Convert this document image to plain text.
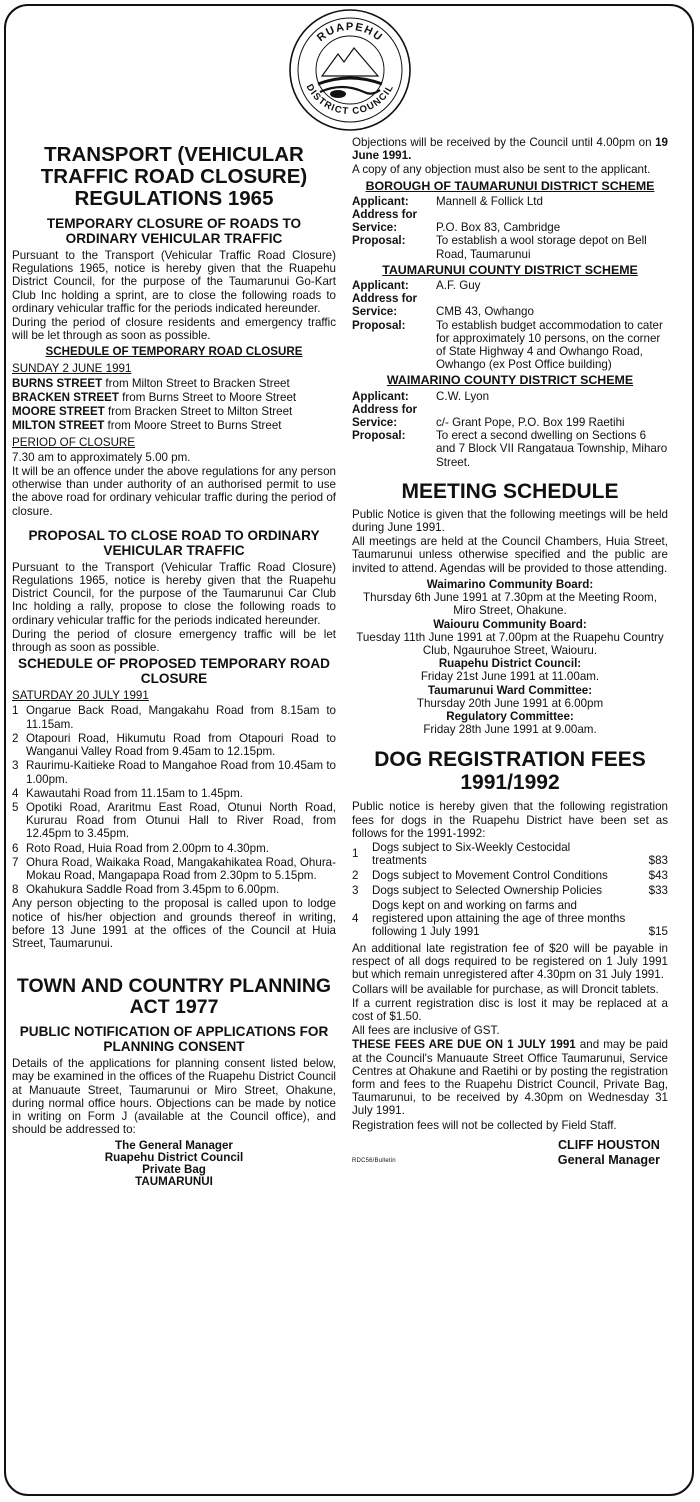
RUAPEHU
DISTRICT COUNCIL
TRANSPORT (VEHICULAR TRAFFIC ROAD CLOSURE) REGULATIONS 1965
TEMPORARY CLOSURE OF ROADS TO ORDINARY VEHICULAR TRAFFIC

Pursuant to the Transport (Vehicular Traffic Road Closure) Regulations 1965, notice is hereby given that the Ruapehu District Council, for the purpose of the Taumarunui Go-Kart Club Inc holding a sprint, are to close the following roads to ordinary vehicular traffic for the periods indicated hereunder.

During the period of closure residents and emergency traffic will be let through as soon as possible.

SCHEDULE OF TEMPORARY ROAD CLOSURE
SUNDAY 2 JUNE 1991

BURNS STREET from Milton Street to Bracken Street

BRACKEN STREET from Burns Street to Moore Street

MOORE STREET from Bracken Street to Milton Street

MILTON STREET from Moore Street to Burns Street

PERIOD OF CLOSURE

7.30 am to approximately 5.00 pm.

It will be an offence under the above regulations for any person otherwise than under authority of an authorised permit to use the above road for ordinary vehicular traffic during the period of closure.

PROPOSAL TO CLOSE ROAD TO ORDINARY VEHICULAR TRAFFIC

Pursuant to the Transport (Vehicular Traffic Road Closure) Regulations 1965, notice is hereby given that the Ruapehu District Council, for the purpose of the Taumarunui Car Club Inc holding a rally, propose to close the following roads to ordinary vehicular traffic for the periods indicated hereunder.

During the period of closure emergency traffic will be let through as soon as possible.

SCHEDULE OF PROPOSED TEMPORARY ROAD CLOSURE
SATURDAY 20 JULY 1991
1 Ongarue Back Road, Mangakahu Road from 8.15am to 11.15am.
2 Otapouri Road, Hikumutu Road from Otapouri Road to Wanganui Valley Road from 9.45am to 12.15pm.
3 Raurimu-Kaitieke Road to Mangahoe Road from 10.45am to 1.00pm.
4 Kawautahi Road from 11.15am to 1.45pm.
5 Opotiki Road, Araritmu East Road, Otunui North Road, Kururau Road from Otunui Hall to River Road, from 12.45pm to 3.45pm.
6 Roto Road, Huia Road from 2.00pm to 4.30pm.
7 Ohura Road, Waikaka Road, Mangakahikatea Road, Ohura-Mokau Road, Mangapapa Road from 2.30pm to 5.15pm.
8 Okahukura Saddle Road from 3.45pm to 6.00pm.

Any person objecting to the proposal is called upon to lodge notice of his/her objection and grounds thereof in writing, before 13 June 1991 at the offices of the Council at Huia Street, Taumarunui.

TOWN AND COUNTRY PLANNING ACT 1977
PUBLIC NOTIFICATION OF APPLICATIONS FOR PLANNING CONSENT

Details of the applications for planning consent listed below, may be examined in the offices of the Ruapehu District Council at Manuaute Street, Taumarunui or Miro Street, Ohakune, during normal office hours. Objections can be made by notice in writing on Form J (available at the Council office), and should be addressed to:

The General Manager
Ruapehu District Council
Private Bag
TAUMARUNUI

Objections will be received by the Council until 4.00pm on 19 June 1991.

A copy of any objection must also be sent to the applicant.

BOROUGH OF TAUMARUNUI DISTRICT SCHEME
Applicant:	Mannell & Follick Ltd
Address for	
Service:	P.O. Box 83, Cambridge
Proposal:	To establish a wool storage depot on Bell Road, Taumarunui
TAUMARUNUI COUNTY DISTRICT SCHEME
Applicant:	A.F. Guy
Address for	
Service:	CMB 43, Owhango
Proposal:	To establish budget accommodation to cater for approximately 10 persons, on the corner of State Highway 4 and Owhango Road, Owhango (ex Post Office building)
WAIMARINO COUNTY DISTRICT SCHEME
Applicant:	C.W. Lyon
Address for	
Service:	c/- Grant Pope, P.O. Box 199 Raetihi
Proposal:	To erect a second dwelling on Sections 6 and 7 Block VII Rangataua Township, Miharo Street.
MEETING SCHEDULE

Public Notice is given that the following meetings will be held during June 1991.

All meetings are held at the Council Chambers, Huia Street, Taumarunui unless otherwise specified and the public are invited to attend. Agendas will be provided to those attending.

Waimarino Community Board:
Thursday 6th June 1991 at 7.30pm at the Meeting Room, Miro Street, Ohakune.
Waiouru Community Board:
Tuesday 11th June 1991 at 7.00pm at the Ruapehu Country Club, Ngauruhoe Street, Waiouru.
Ruapehu District Council:
Friday 21st June 1991 at 11.00am.
Taumarunui Ward Committee:
Thursday 20th June 1991 at 6.00pm
Regulatory Committee:
Friday 28th June 1991 at 9.00am.
DOG REGISTRATION FEES 1991/1992

Public notice is hereby given that the following registration fees for dogs in the Ruapehu District have been set as follows for the 1991-1992:

1	Dogs subject to Six-Weekly Cestocidal treatments	$83
2	Dogs subject to Movement Control Conditions	$43
3	Dogs subject to Selected Ownership Policies	$33
4	Dogs kept on and working on farms and registered upon attaining the age of three months following 1 July 1991	$15

An additional late registration fee of $20 will be payable in respect of all dogs required to be registered on 1 July 1991 but which remain unregistered after 4.30pm on 31 July 1991.

Collars will be available for purchase, as will Droncit tablets.

If a current registration disc is lost it may be replaced at a cost of $1.50.

All fees are inclusive of GST.

THESE FEES ARE DUE ON 1 JULY 1991 and may be paid at the Council's Manuaute Street Office Taumarunui, Service Centres at Ohakune and Raetihi or by posting the registration form and fees to the Ruapehu District Council, Private Bag, Taumarunui, to be received by 4.30pm on Wednesday 31 July 1991.

Registration fees will not be collected by Field Staff.

RDC56/Bulletin
CLIFF HOUSTON
General Manager
